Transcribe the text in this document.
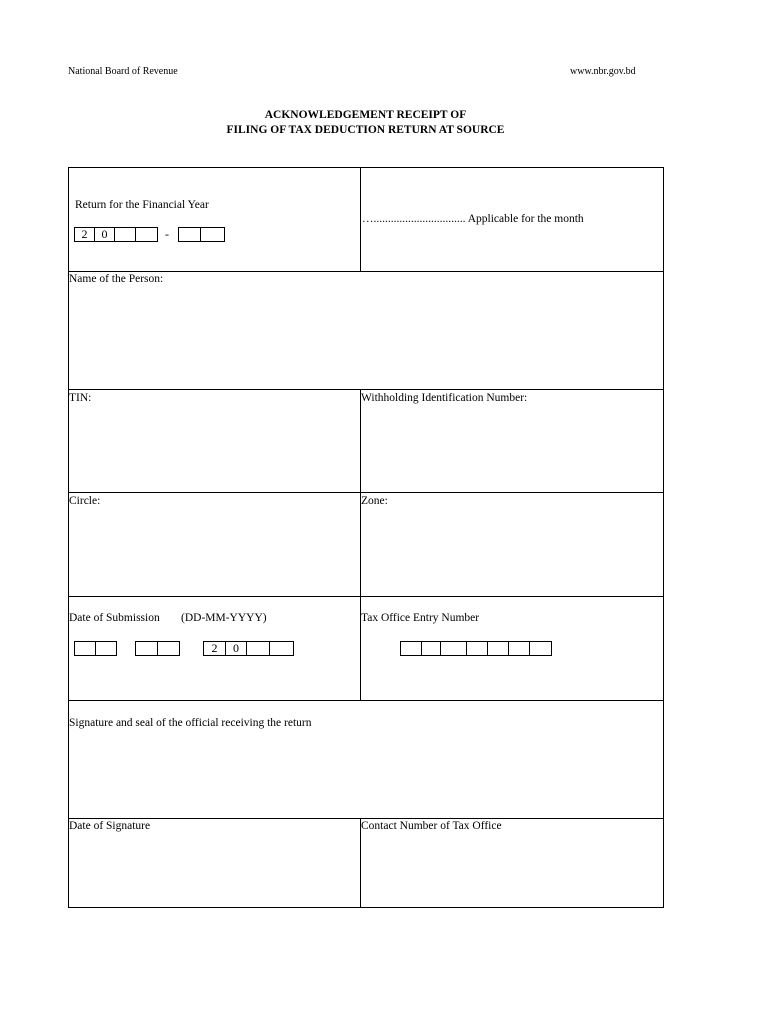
National Board of Revenue	www.nbr.gov.bd
ACKNOWLEDGEMENT RECEIPT OF
FILING OF TAX DEDUCTION RETURN AT SOURCE
Return for the Financial Year
2	0	-
…................................ Applicable for the month
Name of the Person:
TIN:	Withholding Identification Number:
Circle:	Zone:
Date of Submission (DD-MM-YYYY)
2	0
Tax Office Entry Number
Signature and seal of the official receiving the return
Date of Signature	Contact Number of Tax Office
